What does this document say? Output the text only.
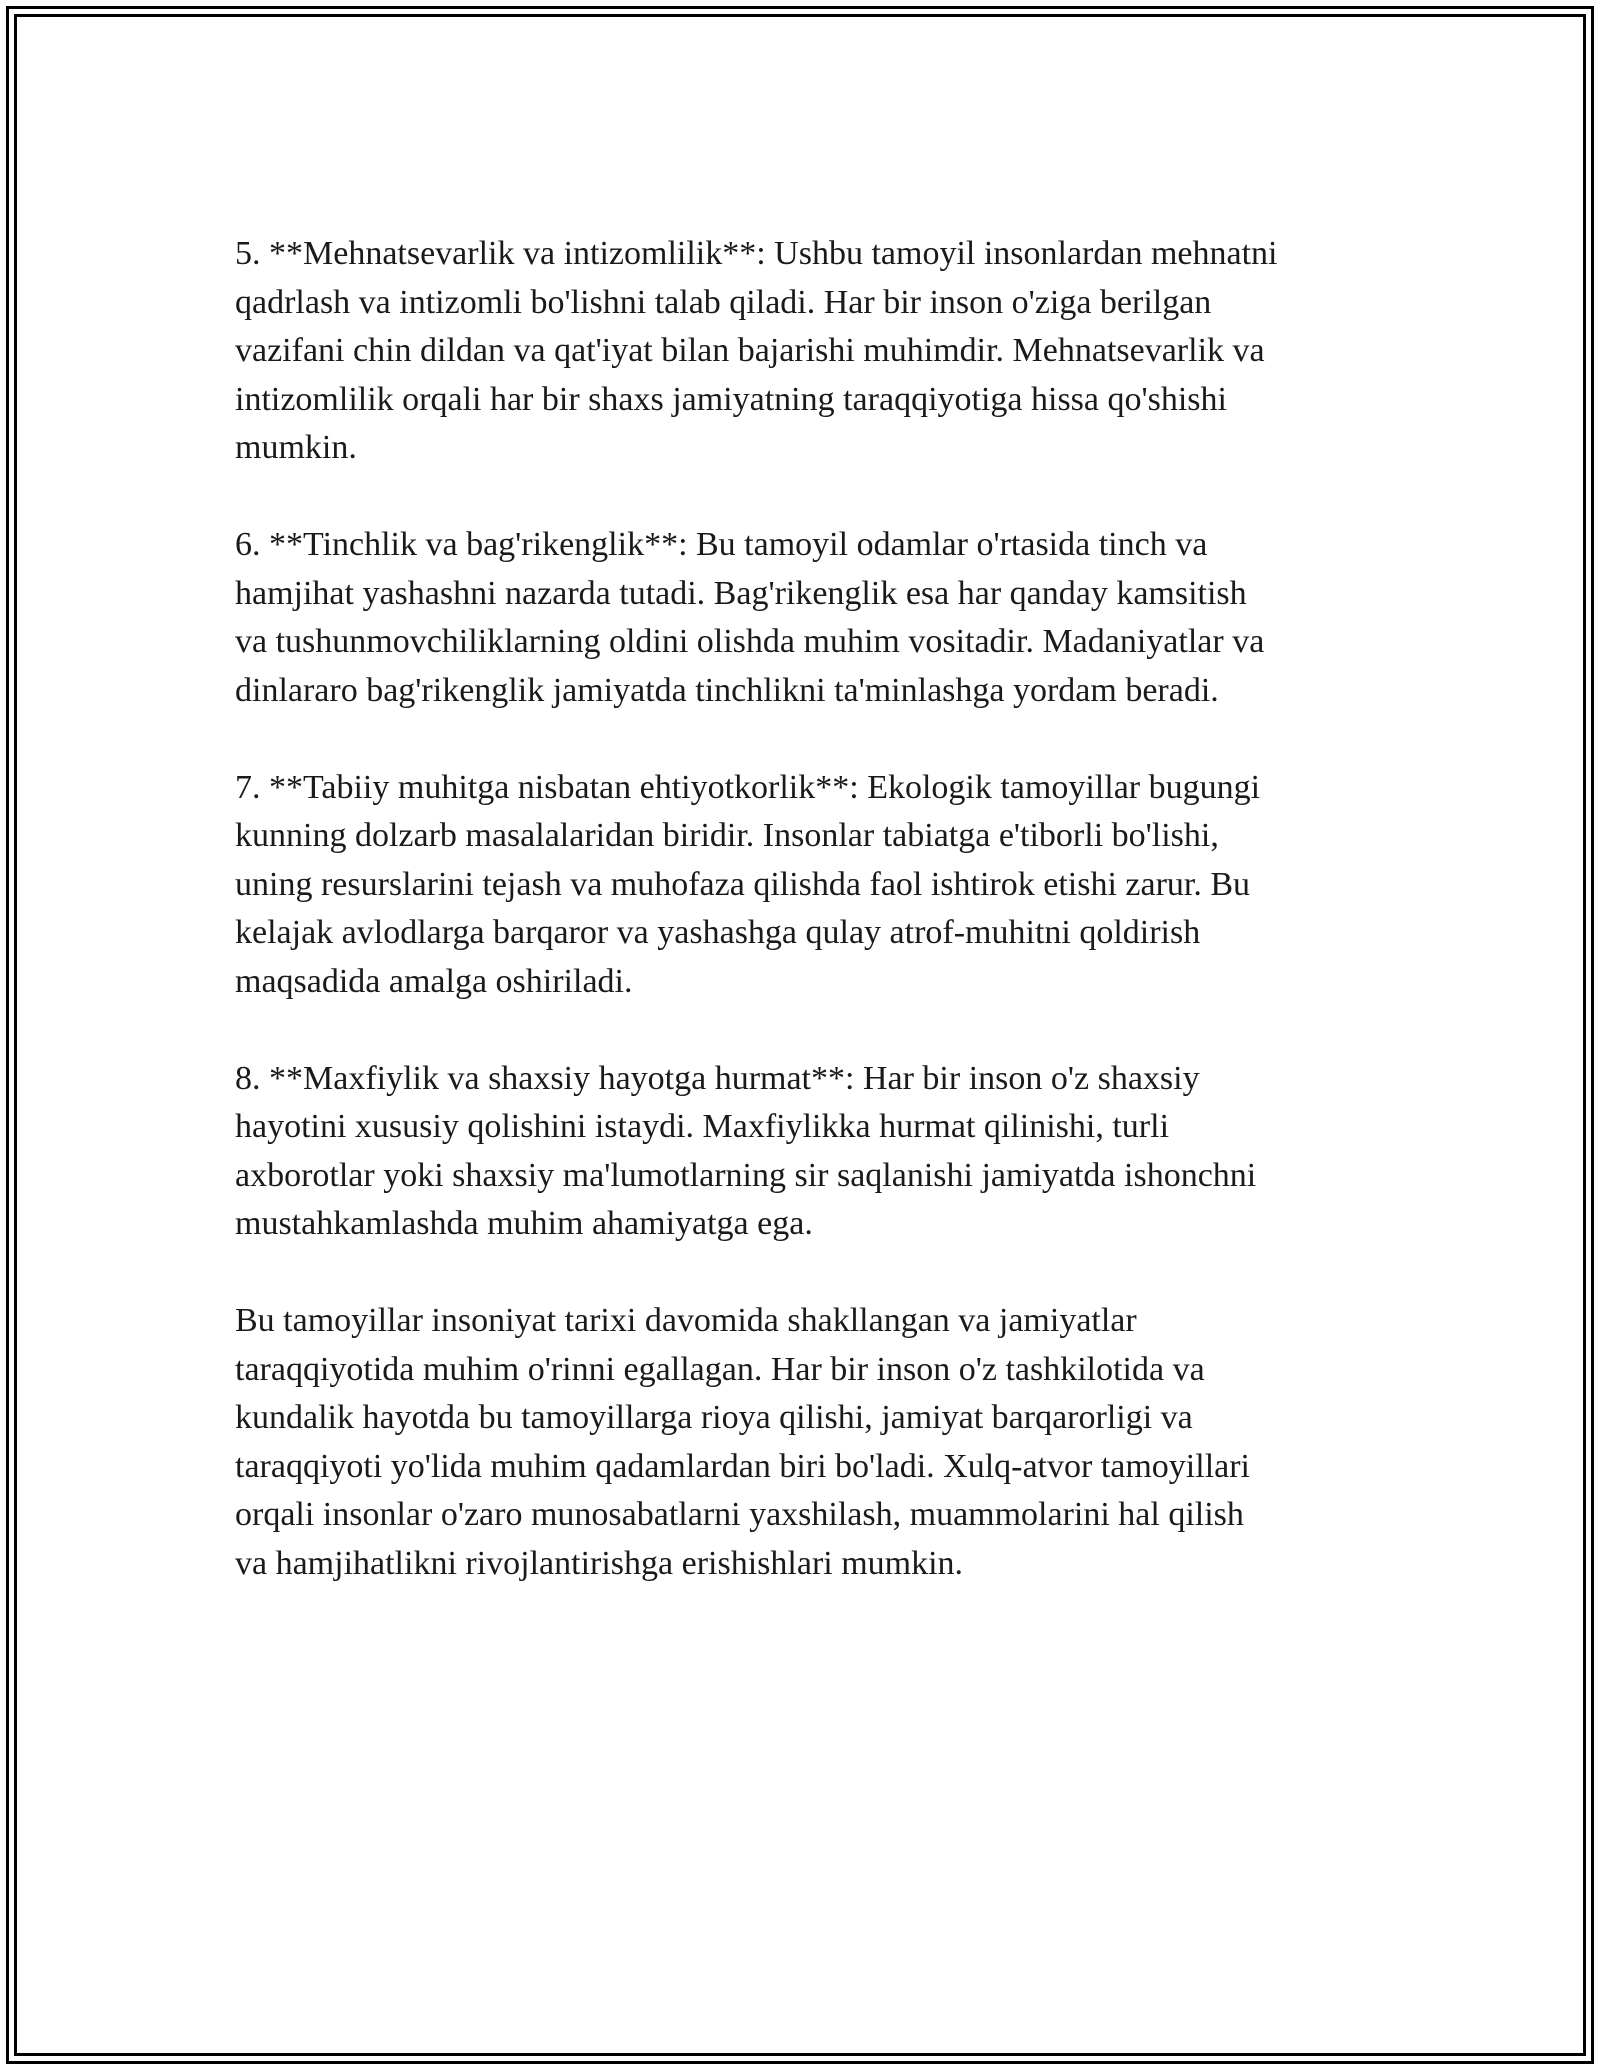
5. **Mehnatsevarlik va intizomlilik**: Ushbu tamoyil insonlardan mehnatni
qadrlash va intizomli bo'lishni talab qiladi. Har bir inson o'ziga berilgan
vazifani chin dildan va qat'iyat bilan bajarishi muhimdir. Mehnatsevarlik va
intizomlilik orqali har bir shaxs jamiyatning taraqqiyotiga hissa qo'shishi
mumkin.

6. **Tinchlik va bag'rikenglik**: Bu tamoyil odamlar o'rtasida tinch va
hamjihat yashashni nazarda tutadi. Bag'rikenglik esa har qanday kamsitish
va tushunmovchiliklarning oldini olishda muhim vositadir. Madaniyatlar va
dinlararo bag'rikenglik jamiyatda tinchlikni ta'minlashga yordam beradi.

7. **Tabiiy muhitga nisbatan ehtiyotkorlik**: Ekologik tamoyillar bugungi
kunning dolzarb masalalaridan biridir. Insonlar tabiatga e'tiborli bo'lishi,
uning resurslarini tejash va muhofaza qilishda faol ishtirok etishi zarur. Bu
kelajak avlodlarga barqaror va yashashga qulay atrof-muhitni qoldirish
maqsadida amalga oshiriladi.

8. **Maxfiylik va shaxsiy hayotga hurmat**: Har bir inson o'z shaxsiy
hayotini xususiy qolishini istaydi. Maxfiylikka hurmat qilinishi, turli
axborotlar yoki shaxsiy ma'lumotlarning sir saqlanishi jamiyatda ishonchni
mustahkamlashda muhim ahamiyatga ega.

Bu tamoyillar insoniyat tarixi davomida shakllangan va jamiyatlar
taraqqiyotida muhim o'rinni egallagan. Har bir inson o'z tashkilotida va
kundalik hayotda bu tamoyillarga rioya qilishi, jamiyat barqarorligi va
taraqqiyoti yo'lida muhim qadamlardan biri bo'ladi. Xulq-atvor tamoyillari
orqali insonlar o'zaro munosabatlarni yaxshilash, muammolarini hal qilish
va hamjihatlikni rivojlantirishga erishishlari mumkin.
